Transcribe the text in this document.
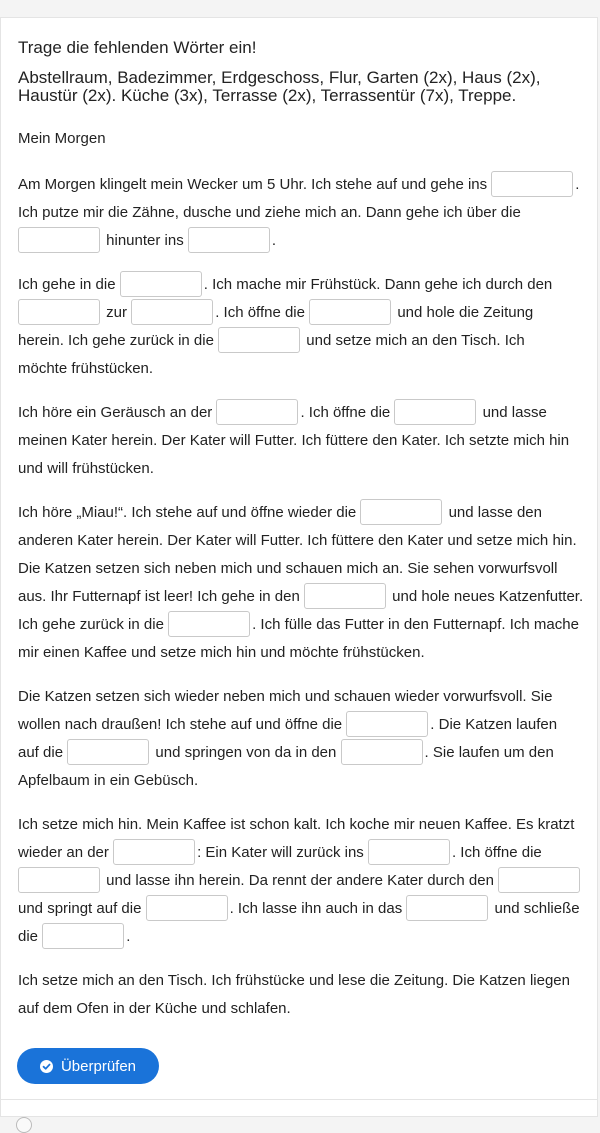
Trage die fehlenden Wörter ein!
Abstellraum, Badezimmer, Erdgeschoss, Flur, Garten (2x), Haus (2x), Haustür (2x). Küche (3x), Terrasse (2x), Terrassentür (7x), Treppe.
Mein Morgen

Am Morgen klingelt mein Wecker um 5 Uhr. Ich stehe auf und gehe ins	. Ich putze mir die Zähne, dusche und ziehe mich an. Dann gehe ich über die  hinunter ins	.

Ich gehe in die	. Ich mache mir Frühstück. Dann gehe ich durch den  zur	. Ich öffne die	und hole die Zeitung herein. Ich gehe zurück in die	und setze mich an den Tisch. Ich möchte frühstücken.

Ich höre ein Geräusch an der	. Ich öffne die	und lasse meinen Kater herein. Der Kater will Futter. Ich füttere den Kater. Ich setzte mich hin und will frühstücken.

Ich höre „Miau!“. Ich stehe auf und öffne wieder die	und lasse den anderen Kater herein. Der Kater will Futter. Ich füttere den Kater und setze mich hin. Die Katzen setzen sich neben mich und schauen mich an. Sie sehen vorwurfsvoll aus. Ihr Futternapf ist leer! Ich gehe in den	und hole neues Katzenfutter. Ich gehe zurück in die	. Ich fülle das Futter in den Futternapf. Ich mache mir einen Kaffee und setze mich hin und möchte frühstücken.

Die Katzen setzen sich wieder neben mich und schauen wieder vorwurfsvoll. Sie wollen nach draußen! Ich stehe auf und öffne die	. Die Katzen laufen auf die	und springen von da in den	. Sie laufen um den Apfelbaum in ein Gebüsch.

Ich setze mich hin. Mein Kaffee ist schon kalt. Ich koche mir neuen Kaffee. Es kratzt wieder an der	: Ein Kater will zurück ins	. Ich öffne die  und lasse ihn herein. Da rennt der andere Kater durch den  und springt auf die	. Ich lasse ihn auch in das	und schließe die	.

Ich setze mich an den Tisch. Ich frühstücke und lese die Zeitung. Die Katzen liegen auf dem Ofen in der Küche und schlafen.

Überprüfen
